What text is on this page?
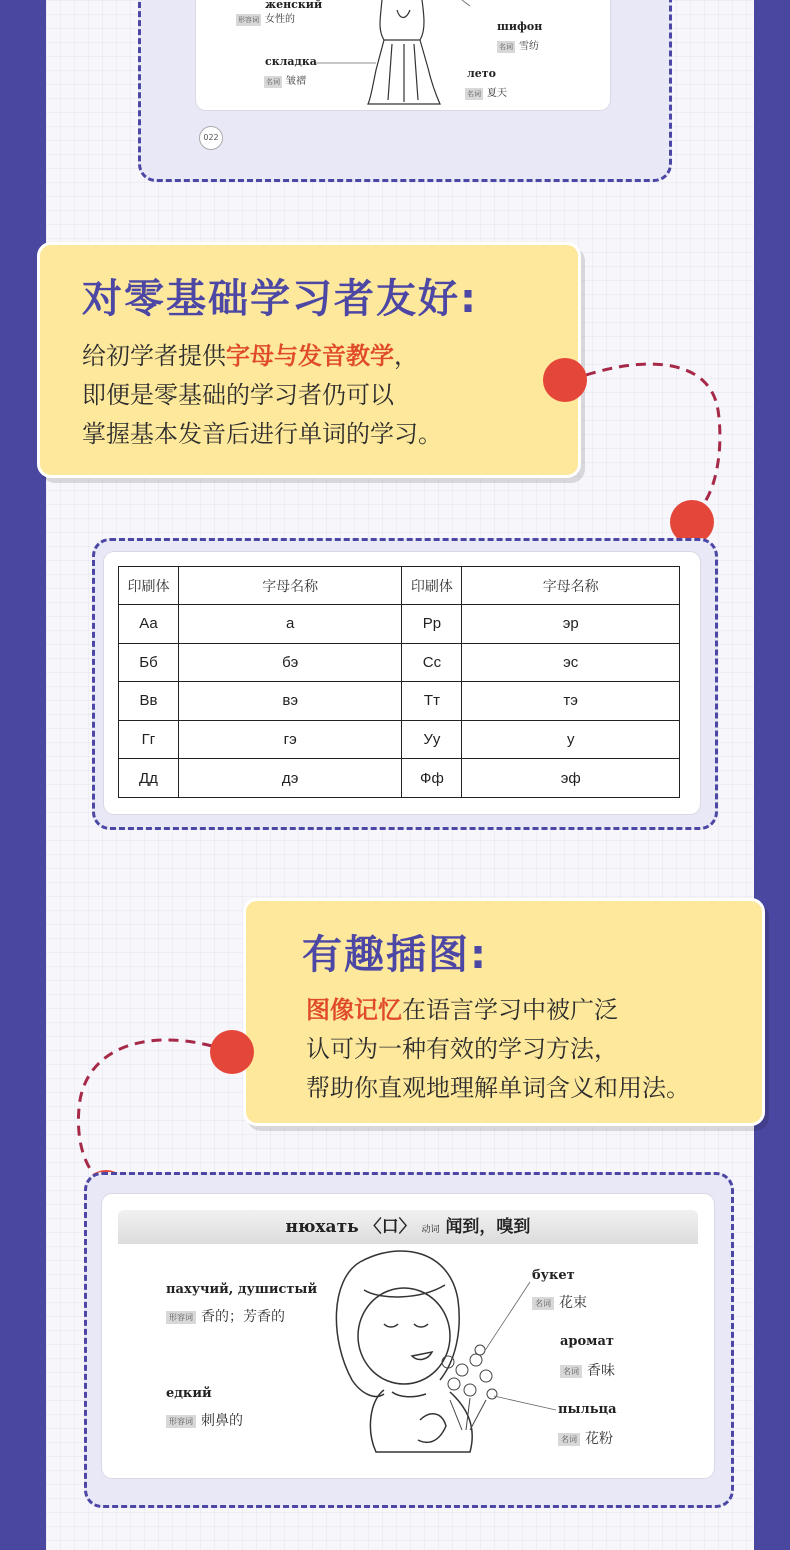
женский
形容词 女性的
складка
名词 皱褶
шифон
名词 雪纺
лето
名词 夏天
022
对零基础学习者友好:

给初学者提供字母与发音教学，

即便是零基础的学习者仍可以

掌握基本发音后进行单词的学习。

印刷体	字母名称	印刷体	字母名称
Аа	а	Рр	эр
Бб	бэ	Сс	эс
Вв	вэ	Тт	тэ
Гг	гэ	Уу	у
Дд	дэ	Фф	эф
有趣插图:

图像记忆在语言学习中被广泛

认可为一种有效的学习方法，

帮助你直观地理解单词含义和用法。

нюхать 〈口〉 动词 闻到，嗅到
пахучий, душистый
形容词 香的；芳香的
едкий
形容词 刺鼻的
букет
名词 花束
аромат
名词 香味
пыльца
名词 花粉
